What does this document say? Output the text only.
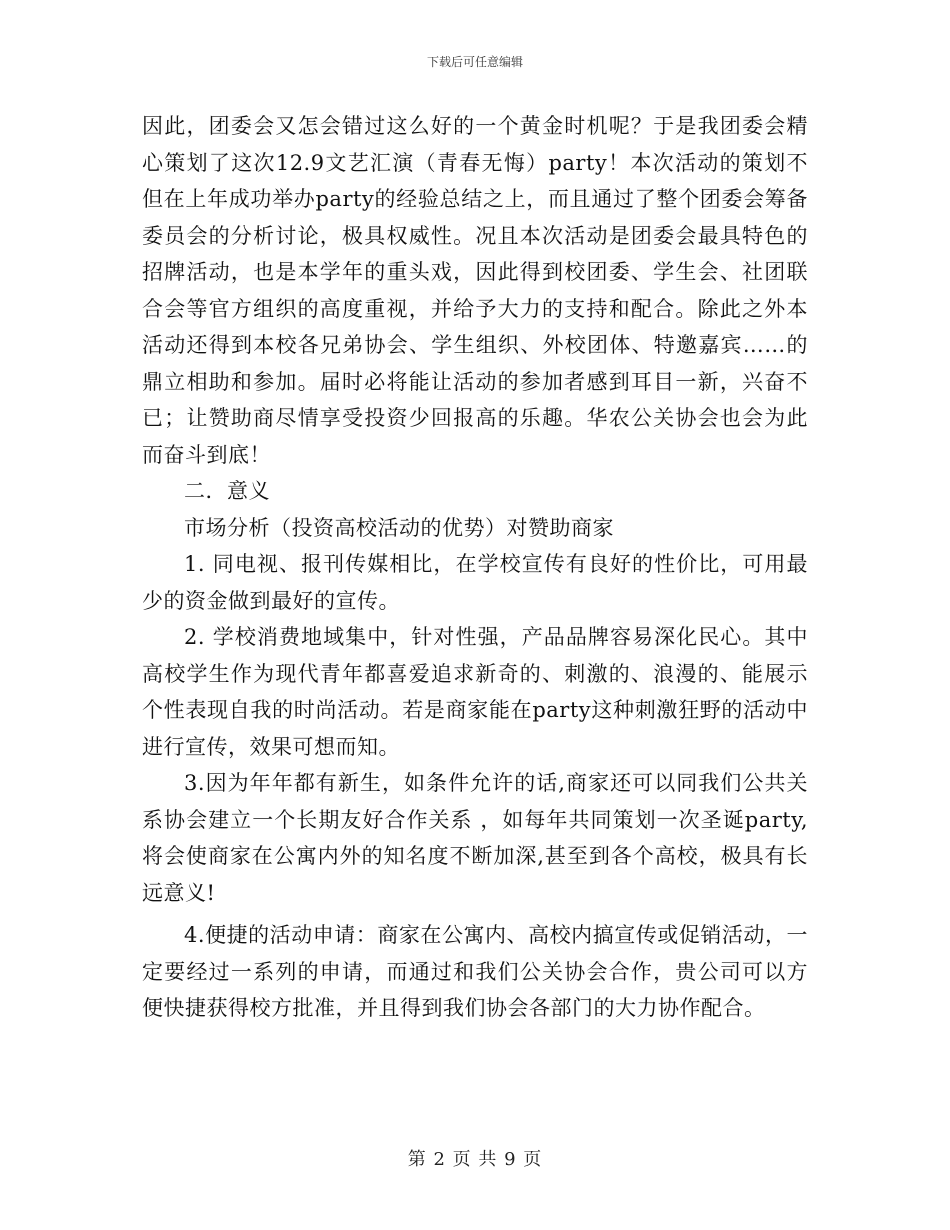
下载后可任意编辑

因此，团委会又怎会错过这么好的一个黄金时机呢？于是我团委会精心策划了这次12.9文艺汇演（青春无悔）party！本次活动的策划不但在上年成功举办party的经验总结之上，而且通过了整个团委会筹备委员会的分析讨论，极具权威性。况且本次活动是团委会最具特色的招牌活动，也是本学年的重头戏，因此得到校团委、学生会、社团联合会等官方组织的高度重视，并给予大力的支持和配合。除此之外本活动还得到本校各兄弟协会、学生组织、外校团体、特邀嘉宾……的鼎立相助和参加。届时必将能让活动的参加者感到耳目一新，兴奋不已；让赞助商尽情享受投资少回报高的乐趣。华农公关协会也会为此而奋斗到底！

二．意义

市场分析（投资高校活动的优势）对赞助商家

1. 同电视、报刊传媒相比，在学校宣传有良好的性价比，可用最少的资金做到最好的宣传。

2. 学校消费地域集中，针对性强，产品品牌容易深化民心。其中高校学生作为现代青年都喜爱追求新奇的、刺激的、浪漫的、能展示个性表现自我的时尚活动。若是商家能在party这种刺激狂野的活动中进行宣传，效果可想而知。

3.因为年年都有新生，如条件允许的话,商家还可以同我们公共关系协会建立一个长期友好合作关系 ，如每年共同策划一次圣诞party,将会使商家在公寓内外的知名度不断加深,甚至到各个高校，极具有长远意义!

4.便捷的活动申请：商家在公寓内、高校内搞宣传或促销活动，一定要经过一系列的申请，而通过和我们公关协会合作，贵公司可以方便快捷获得校方批准，并且得到我们协会各部门的大力协作配合。

第 2 页 共 9 页
